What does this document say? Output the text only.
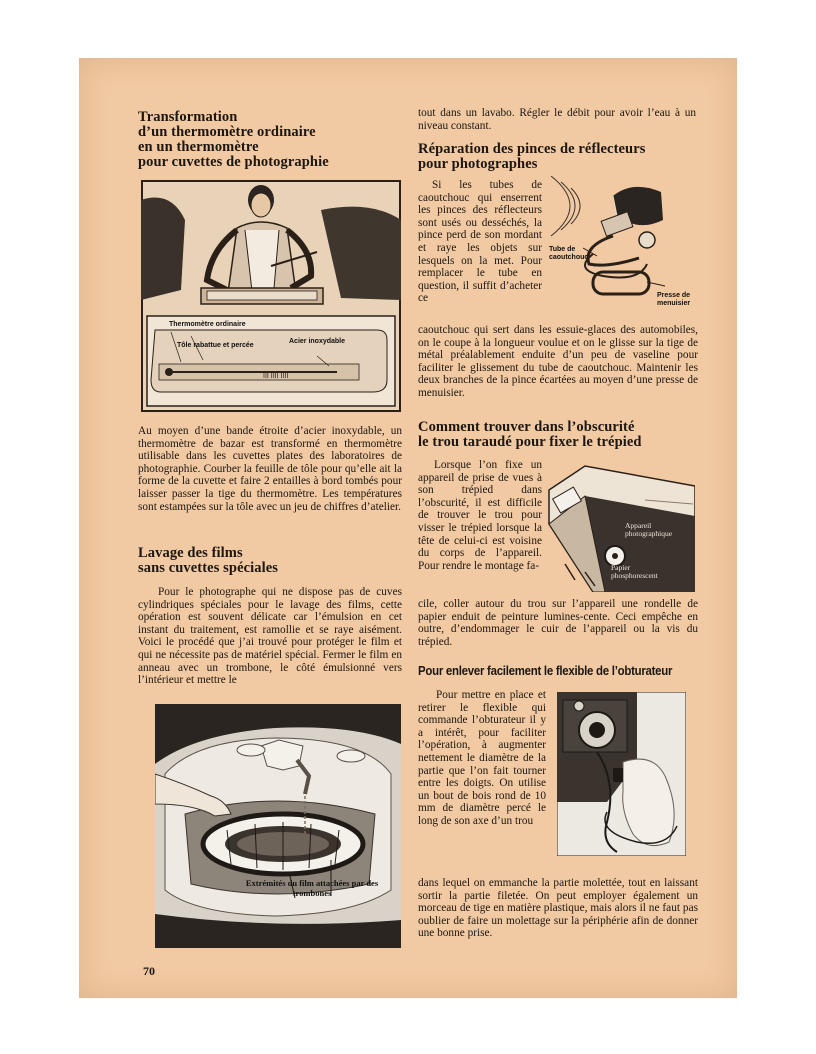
Transformation
d’un thermomètre ordinaire
en un thermomètre
pour cuvettes de photographie
III IIII IIII
Thermomètre ordinaire
Tôle rabattue et percée
Acier inoxydable

Au moyen d’une bande étroite d’acier inoxydable, un thermomètre de bazar est transformé en thermomètre utilisable dans les cuvettes plates des laboratoires de photographie. Courber la feuille de tôle pour qu’elle ait la forme de la cuvette et faire 2 entailles à bord tombés pour laisser passer la tige du thermomètre. Les températures sont estampées sur la tôle avec un jeu de chiffres d’atelier.

Lavage des films
sans cuvettes spéciales

Pour le photographe qui ne dispose pas de cuves cylindriques spéciales pour le lavage des films, cette opération est souvent délicate car l’émulsion en cet instant du traitement, est ramollie et se raye aisément. Voici le procédé que j’ai trouvé pour protéger le film et qui ne nécessite pas de matériel spécial. Fermer le film en anneau avec un trombone, le côté émulsionné vers l’intérieur et mettre le

Extrémités du film attachées par des
trombones
70

tout dans un lavabo. Régler le débit pour avoir l’eau à un niveau constant.

Réparation des pinces de réflecteurs
pour photographes

Si les tubes de caoutchouc qui enserrent les pinces des réflecteurs sont usés ou desséchés, la pince perd de son mordant et raye les objets sur lesquels on la met. Pour remplacer le tube en question, il suffit d’acheter ce

Tube de
caoutchouc
Presse de
menuisier

caoutchouc qui sert dans les essuie-glaces des automobiles, on le coupe à la longueur voulue et on le glisse sur la tige de métal préalablement enduite d’un peu de vaseline pour faciliter le glissement du tube de caoutchouc. Maintenir les deux branches de la pince écartées au moyen d’une presse de menuisier.

Comment trouver dans l’obscurité
le trou taraudé pour fixer le trépied

Lorsque l’on fixe un appareil de prise de vues à son trépied dans l’obscurité, il est difficile de trouver le trou pour visser le trépied lorsque la tête de celui-ci est voisine du corps de l’appareil. Pour rendre le montage fa-

Appareil
photographique
Papier
phosphorescent

cile, coller autour du trou sur l’appareil une rondelle de papier enduit de peinture lumines-cente. Ceci empêche en outre, d’endommager le cuir de l’appareil ou la vis du trépied.

Pour enlever facilement le flexible de l’obturateur

Pour mettre en place et retirer le flexible qui commande l’obturateur il y a intérêt, pour faciliter l’opération, à augmenter nettement le diamètre de la partie que l’on fait tourner entre les doigts. On utilise un bout de bois rond de 10 mm de diamètre percé le long de son axe d’un trou

dans lequel on emmanche la partie molettée, tout en laissant sortir la partie filetée. On peut employer également un morceau de tige en matière plastique, mais alors il ne faut pas oublier de faire un molettage sur la périphérie afin de donner une bonne prise.
